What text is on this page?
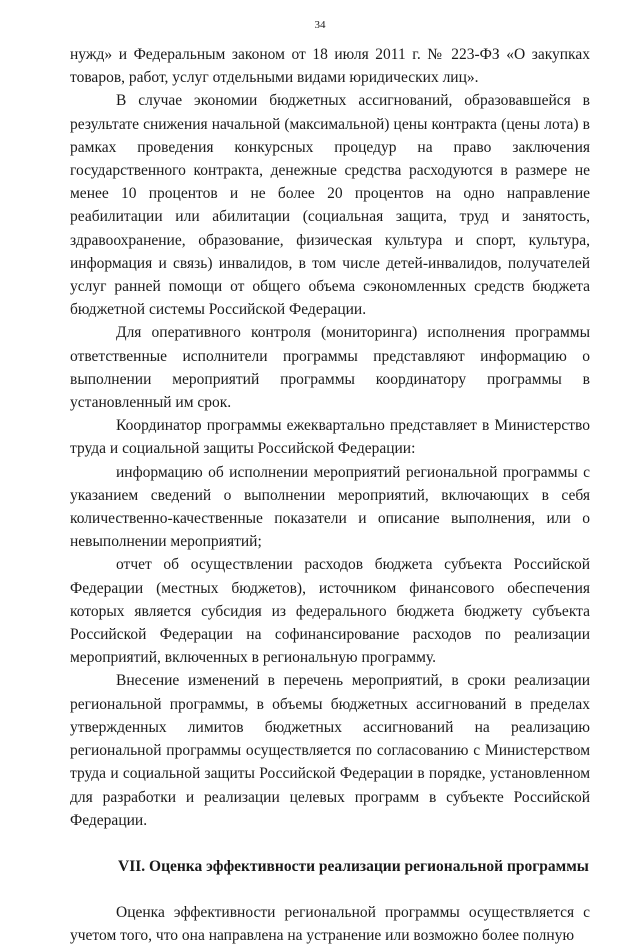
34

нужд» и Федеральным законом от 18 июля 2011 г. № 223-ФЗ «О закупках товаров, работ, услуг отдельными видами юридических лиц».

В случае экономии бюджетных ассигнований, образовавшейся в результате снижения начальной (максимальной) цены контракта (цены лота) в рамках проведения конкурсных процедур на право заключения государственного контракта, денежные средства расходуются в размере не менее 10 процентов и не более 20 процентов на одно направление реабилитации или абилитации (социальная защита, труд и занятость, здравоохранение, образование, физическая культура и спорт, культура, информация и связь) инвалидов, в том числе детей-инвалидов, получателей услуг ранней помощи от общего объема сэкономленных средств бюджета бюджетной системы Российской Федерации.

Для оперативного контроля (мониторинга) исполнения программы ответственные исполнители программы представляют информацию о выполнении мероприятий программы координатору программы в установленный им срок.

Координатор программы ежеквартально представляет в Министерство труда и социальной защиты Российской Федерации:

информацию об исполнении мероприятий региональной программы с указанием сведений о выполнении мероприятий, включающих в себя количественно-качественные показатели и описание выполнения, или о невыполнении мероприятий;

отчет об осуществлении расходов бюджета субъекта Российской Федерации (местных бюджетов), источником финансового обеспечения которых является субсидия из федерального бюджета бюджету субъекта Российской Федерации на софинансирование расходов по реализации мероприятий, включенных в региональную программу.

Внесение изменений в перечень мероприятий, в сроки реализации региональной программы, в объемы бюджетных ассигнований в пределах утвержденных лимитов бюджетных ассигнований на реализацию региональной программы осуществляется по согласованию с Министерством труда и социальной защиты Российской Федерации в порядке, установленном для разработки и реализации целевых программ в субъекте Российской Федерации.

VII. Оценка эффективности реализации региональной программы

Оценка эффективности региональной программы осуществляется с учетом того, что она направлена на устранение или возможно более полную
